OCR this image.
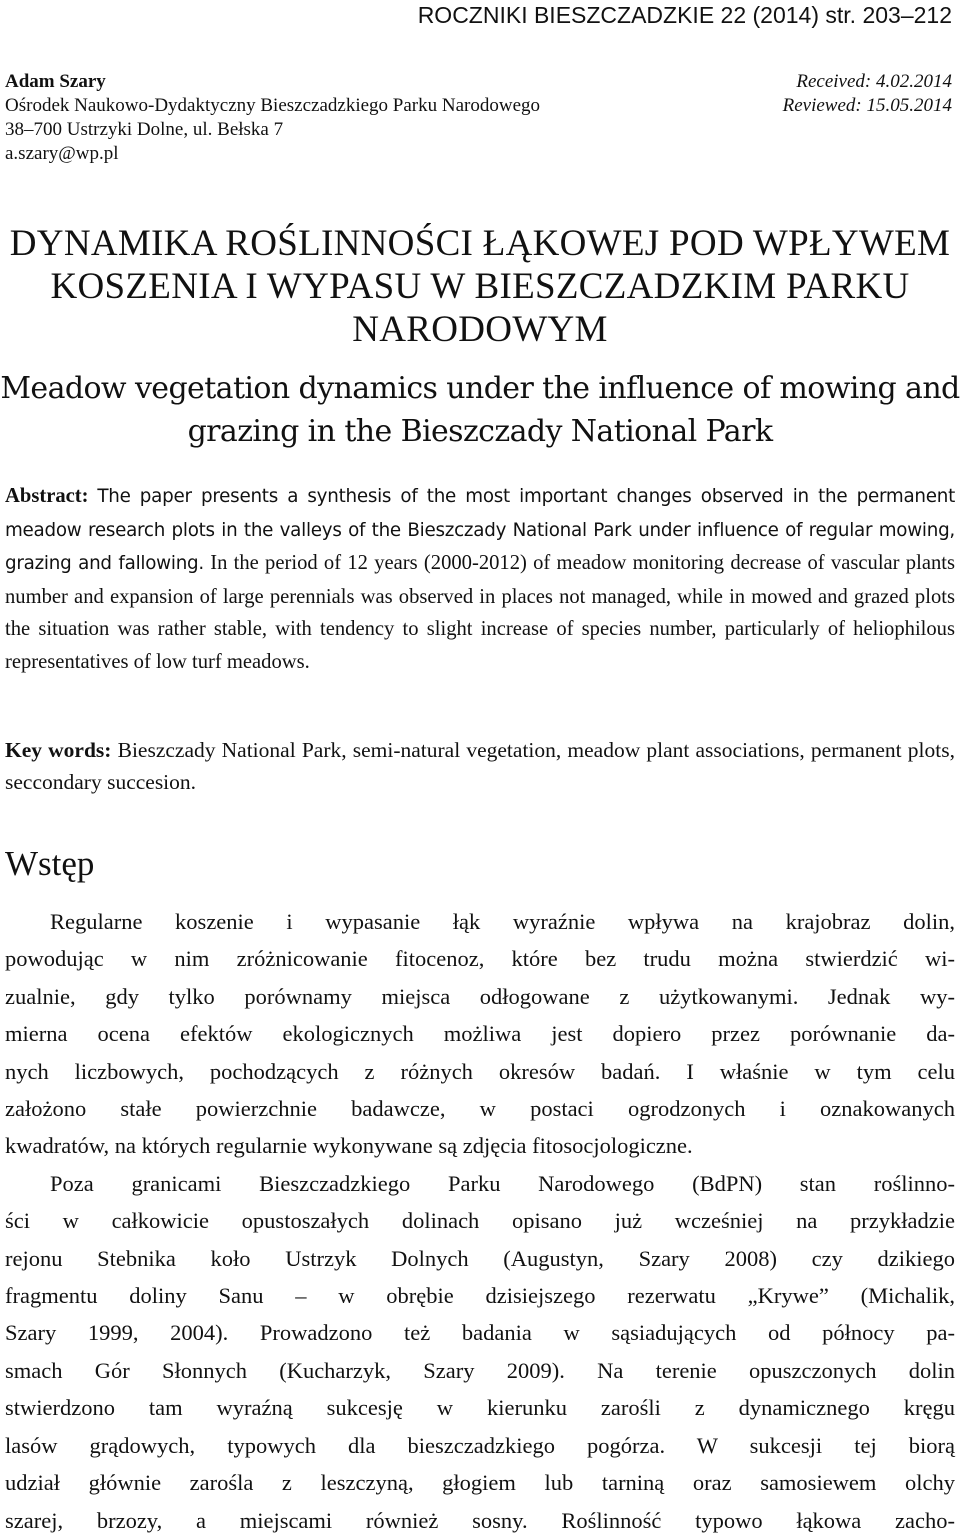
ROCZNIKI BIESZCZADZKIE 22 (2014) str. 203–212
Adam Szary
Ośrodek Naukowo-Dydaktyczny Bieszczadzkiego Parku Narodowego
38–700 Ustrzyki Dolne, ul. Bełska 7
a.szary@wp.pl
Received: 4.02.2014
Reviewed: 15.05.2014
DYNAMIKA ROŚLINNOŚCI ŁĄKOWEJ POD WPŁYWEM
KOSZENIA I WYPASU W BIESZCZADZKIM PARKU
NARODOWYM
Meadow vegetation dynamics under the influence of mowing and
grazing in the Bieszczady National Park
Abstract: The paper presents a synthesis of the most important changes observed in the permanent meadow research plots in the valleys of the Bieszczady National Park under influence of regular mowing, grazing and fallowing. In the period of 12 years (2000-2012) of meadow monitoring decrease of vascular plants number and expansion of large perennials was observed in places not managed, while in mowed and grazed plots the situation was rather stable, with tendency to slight increase of species number, particularly of heliophilous representatives of low turf meadows.
Key words: Bieszczady National Park, semi-natural vegetation, meadow plant associations, permanent plots, seccondary succesion.
Wstęp
Regularne koszenie i wypasanie łąk wyraźnie wpływa na krajobraz dolin,
powodując w nim zróżnicowanie fitocenoz, które bez trudu można stwierdzić wi-
zualnie, gdy tylko porównamy miejsca odłogowane z użytkowanymi. Jednak wy-
mierna ocena efektów ekologicznych możliwa jest dopiero przez porównanie da-
nych liczbowych, pochodzących z różnych okresów badań. I właśnie w tym celu
założono stałe powierzchnie badawcze, w postaci ogrodzonych i oznakowanych
kwadratów, na których regularnie wykonywane są zdjęcia fitosocjologiczne.
Poza granicami Bieszczadzkiego Parku Narodowego (BdPN) stan roślinno-
ści w całkowicie opustoszałych dolinach opisano już wcześniej na przykładzie
rejonu Stebnika koło Ustrzyk Dolnych (Augustyn, Szary 2008) czy dzikiego
fragmentu doliny Sanu – w obrębie dzisiejszego rezerwatu „Krywe” (Michalik,
Szary 1999, 2004). Prowadzono też badania w sąsiadujących od północy pa-
smach Gór Słonnych (Kucharzyk, Szary 2009). Na terenie opuszczonych dolin
stwierdzono tam wyraźną sukcesję w kierunku zarośli z dynamicznego kręgu
lasów grądowych, typowych dla bieszczadzkiego pogórza. W sukcesji tej biorą
udział głównie zarośla z leszczyną, głogiem lub tarniną oraz samosiewem olchy
szarej, brzozy, a miejscami również sosny. Roślinność typowo łąkowa zacho-
